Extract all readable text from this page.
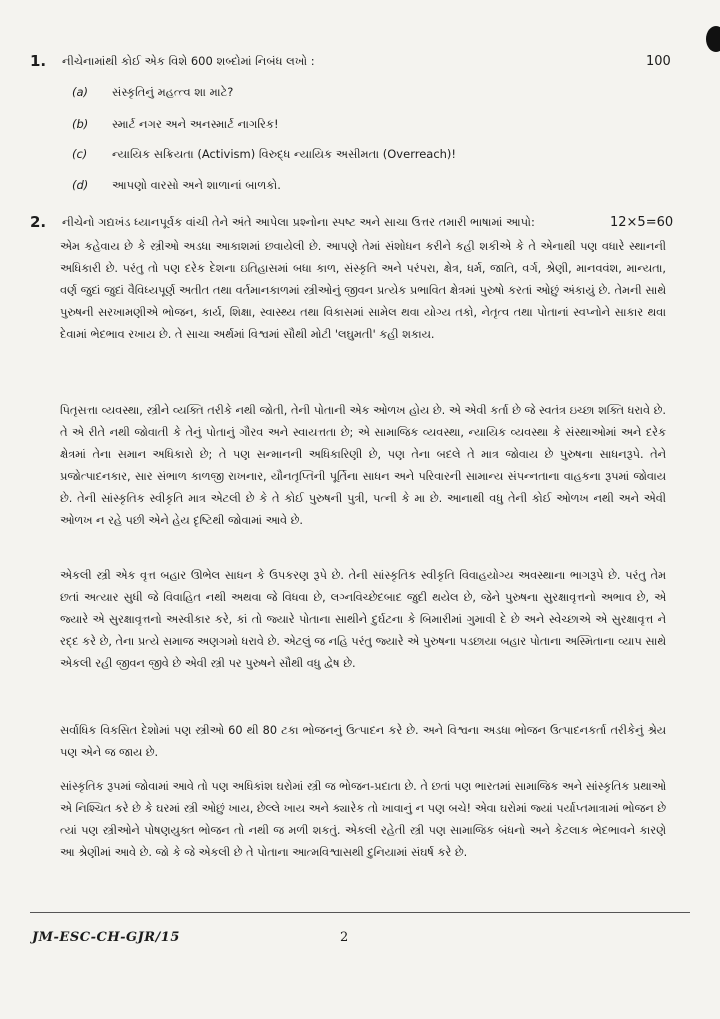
1. નીચેનામાંથી કોઈ એક વિશે 600 શબ્દોમાં નિબંધ લખો :	100
(a)	સંસ્કૃતિનું મહત્ત્વ શા માટે?
(b)	સ્માર્ટ નગર અને અનસ્માર્ટ નાગરિક!
(c)	ન્યાયિક સક્રિયતા (Activism) વિરુદ્ધ ન્યાયિક અસીમતા (Overreach)!
(d)	આપણો વારસો અને શાળાનાં બાળકો.
2. નીચેનો ગદ્યખંડ ધ્યાનપૂર્વક વાંચી તેને અંતે આપેલા પ્રશ્નોના સ્પષ્ટ અને સાચા ઉત્તર તમારી ભાષામાં આપો:	12×5=60
એમ કહેવાય છે કે સ્ત્રીઓ અડધા આકાશમાં છવાયેલી છે. આપણે તેમાં સંશોધન કરીને કહી શકીએ કે તે એનાથી પણ વધારે સ્થાનની અધિકારી છે. પરંતુ તો પણ દરેક દેશના ઇતિહાસમાં બધા કાળ, સંસ્કૃતિ અને પરંપરા, ક્ષેત્ર, ધર્મ, જાતિ, વર્ગ, શ્રેણી, માનવવંશ, માન્યતા, વર્ણ જુદાં જુદાં વૈવિધ્યપૂર્ણ અતીત તથા વર્તમાનકાળમાં સ્ત્રીઓનું જીવન પ્રત્યેક પ્રભાવિત ક્ષેત્રમાં પુરુષો કરતાં ઓછું અંકાયું છે. તેમની સાથે પુરુષની સરખામણીએ ભોજન, કાર્ય, શિક્ષા, સ્વાસ્થ્ય તથા વિકાસમાં સામેલ થવા યોગ્ય તકો, નેતૃત્વ તથા પોતાનાં સ્વપ્નોને સાકાર થવા દેવામાં ભેદભાવ રખાય છે. તે સાચા અર્થમાં વિશ્વમાં સૌથી મોટી 'લઘુમતી' કહી શકાય.
પિતૃસત્તા વ્યવસ્થા, સ્ત્રીને વ્યક્તિ તરીકે નથી જોતી, તેની પોતાની એક ઓળખ હોય છે. એ એવી કર્તા છે જે સ્વતંત્ર ઇચ્છા શક્તિ ધરાવે છે. તે એ રીતે નથી જોવાતી કે તેનું પોતાનું ગૌરવ અને સ્વાયત્તતા છે; એ સામાજિક વ્યવસ્થા, ન્યાયિક વ્યવસ્થા કે સંસ્થાઓમાં અને દરેક ક્ષેત્રમાં તેના સમાન અધિકારો છે; તે પણ સન્માનની અધિકારિણી છે, પણ તેના બદલે તે માત્ર જોવાય છે પુરુષના સાધનરૂપે. તેને પ્રજોત્પાદનકાર, સાર સંભાળ કાળજી રાખનાર, યૌનતૃપ્તિની પૂર્તિના સાધન અને પરિવારની સામાન્ય સંપન્નતાના વાહકના રૂપમાં જોવાય છે. તેની સાંસ્કૃતિક સ્વીકૃતિ માત્ર એટલી છે કે તે કોઈ પુરુષની પુત્રી, પત્ની કે મા છે. આનાથી વધુ તેની કોઈ ઓળખ નથી અને એવી ઓળખ ન રહે પછી એને હેય દૃષ્ટિથી જોવામાં આવે છે.
એકલી સ્ત્રી એક વૃત્ત બહાર ઊભેલ સાધન કે ઉપકરણ રૂપે છે. તેની સાંસ્કૃતિક સ્વીકૃતિ વિવાહયોગ્ય અવસ્થાના ભાગરૂપે છે. પરંતુ તેમ છતાં અત્યાર સુધી જે વિવાહિત નથી અથવા જે વિધવા છે, લગ્નવિચ્છેદબાદ જુદી થયેલ છે, જેને પુરુષના સુરક્ષાવૃત્તનો અભાવ છે, એ જ્યારે એ સુરક્ષાવૃત્તનો અસ્વીકાર કરે, કાં તો જ્યારે પોતાના સાથીને દુર્ઘટના કે બિમારીમાં ગુમાવી દે છે અને સ્વેચ્છાએ એ સુરક્ષાવૃત્ત ને રદ્દ કરે છે, તેના પ્રત્યે સમાજ અણગમો ધરાવે છે. એટલું જ નહિ પરંતુ જ્યારે એ પુરુષના પડછાયા બહાર પોતાના અસ્મિતાના વ્યાપ સાથે એકલી રહી જીવન જીવે છે એવી સ્ત્રી પર પુરુષને સૌથી વધુ દ્વેષ છે.
સર્વાધિક વિકસિત દેશોમાં પણ સ્ત્રીઓ 60 થી 80 ટકા ભોજનનું ઉત્પાદન કરે છે. અને વિશ્વના અડધા ભોજન ઉત્પાદનકર્તા તરીકેનું શ્રેય પણ એને જ જાય છે.
સાંસ્કૃતિક રૂપમાં જોવામાં આવે તો પણ અધિકાંશ ઘરોમાં સ્ત્રી જ ભોજન-પ્રદાતા છે. તે છતાં પણ ભારતમાં સામાજિક અને સાંસ્કૃતિક પ્રથાઓ એ નિશ્ચિત કરે છે કે ઘરમાં સ્ત્રી ઓછું ખાય, છેલ્લે ખાય અને ક્યારેક તો ખાવાનું ન પણ બચે! એવા ઘરોમાં જ્યાં પર્યાપ્તમાત્રામાં ભોજન છે ત્યાં પણ સ્ત્રીઓને પોષણયુક્ત ભોજન તો નથી જ મળી શકતું. એકલી રહેતી સ્ત્રી પણ સામાજિક બંધનો અને કેટલાક ભેદભાવને કારણે આ શ્રેણીમાં આવે છે. જો કે જે એકલી છે તે પોતાના આત્મવિશ્વાસથી દુનિયામાં સંઘર્ષ કરે છે.
JM-ESC-CH-GJR/15	2
